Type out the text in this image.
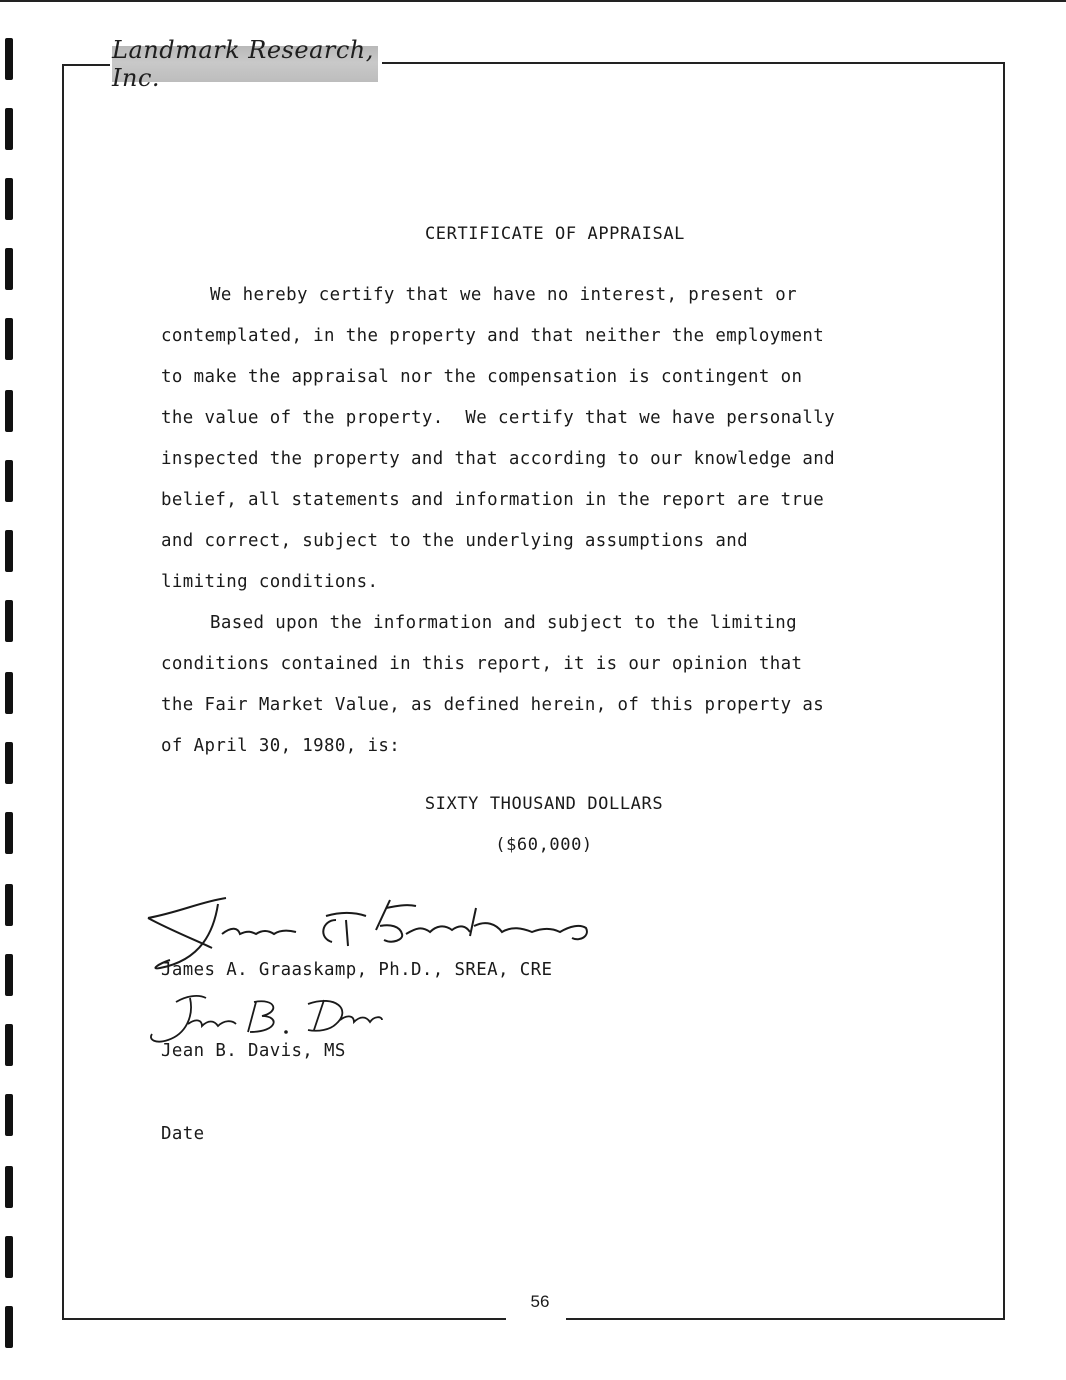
Landmark Research, Inc.
CERTIFICATE OF APPRAISAL
We hereby certify that we have no interest, present or
contemplated, in the property and that neither the employment
to make the appraisal nor the compensation is contingent on
the value of the property.  We certify that we have personally
inspected the property and that according to our knowledge and
belief, all statements and information in the report are true
and correct, subject to the underlying assumptions and
limiting conditions.
Based upon the information and subject to the limiting
conditions contained in this report, it is our opinion that
the Fair Market Value, as defined herein, of this property as
of April 30, 1980, is:
SIXTY THOUSAND DOLLARS
($60,000)
James A. Graaskamp, Ph.D., SREA, CRE
Jean B. Davis, MS
Date
56
